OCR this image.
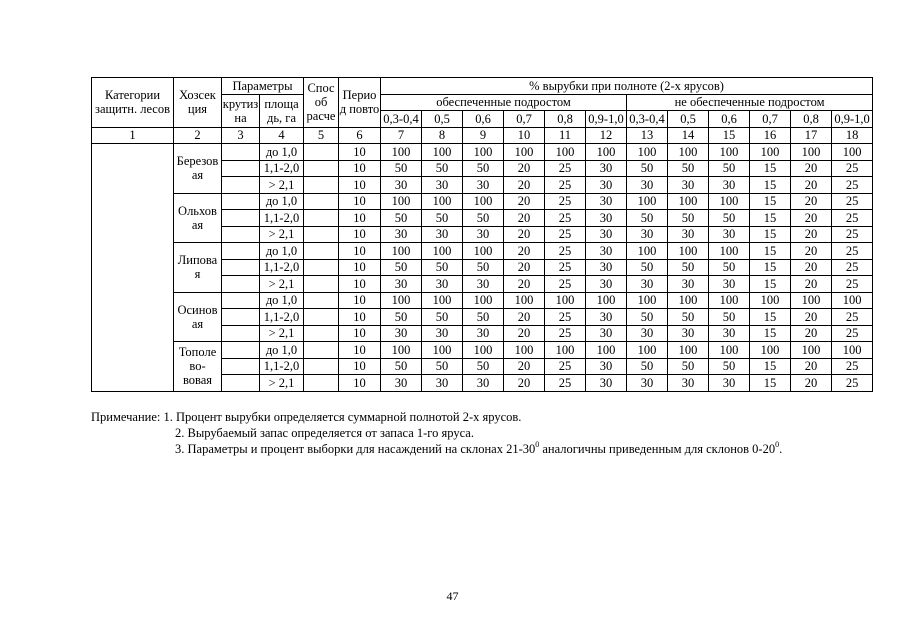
Категории защитн. лесов	Хозсек ция	Параметры		Спос об расче	Перио д повто	% вырубки при полноте (2-х ярусов)											
		крутиз на	площа дь, га			обеспеченные подростом						не обеспеченные подростом					
						0,3-0,4	0,5	0,6	0,7	0,8	0,9-1,0	0,3-0,4	0,5	0,6	0,7	0,8	0,9-1,0
1	2	3	4	5	6	7	8	9	10	11	12	13	14	15	16	17	18
	Березов ая		до 1,0		10	100	100	100	100	100	100	100	100	100	100	100	100
			1,1-2,0		10	50	50	50	20	25	30	50	50	50	15	20	25
			> 2,1		10	30	30	30	20	25	30	30	30	30	15	20	25
	Ольхов ая		до 1,0		10	100	100	100	20	25	30	100	100	100	15	20	25
			1,1-2,0		10	50	50	50	20	25	30	50	50	50	15	20	25
			> 2,1		10	30	30	30	20	25	30	30	30	30	15	20	25
	Липова я		до 1,0		10	100	100	100	20	25	30	100	100	100	15	20	25
			1,1-2,0		10	50	50	50	20	25	30	50	50	50	15	20	25
			> 2,1		10	30	30	30	20	25	30	30	30	30	15	20	25
	Осинов ая		до 1,0		10	100	100	100	100	100	100	100	100	100	100	100	100
			1,1-2,0		10	50	50	50	20	25	30	50	50	50	15	20	25
			> 2,1		10	30	30	30	20	25	30	30	30	30	15	20	25
	Тополе во- вовая		до 1,0		10	100	100	100	100	100	100	100	100	100	100	100	100
			1,1-2,0		10	50	50	50	20	25	30	50	50	50	15	20	25
			> 2,1		10	30	30	30	20	25	30	30	30	30	15	20	25
Примечание: 1. Процент вырубки определяется суммарной полнотой 2-х ярусов.
2. Вырубаемый запас определяется от запаса 1-го яруса.
3. Параметры и процент выборки для насаждений на склонах $21-30^0$ аналогичны приведенным для склонов $0-20^0$.
47
